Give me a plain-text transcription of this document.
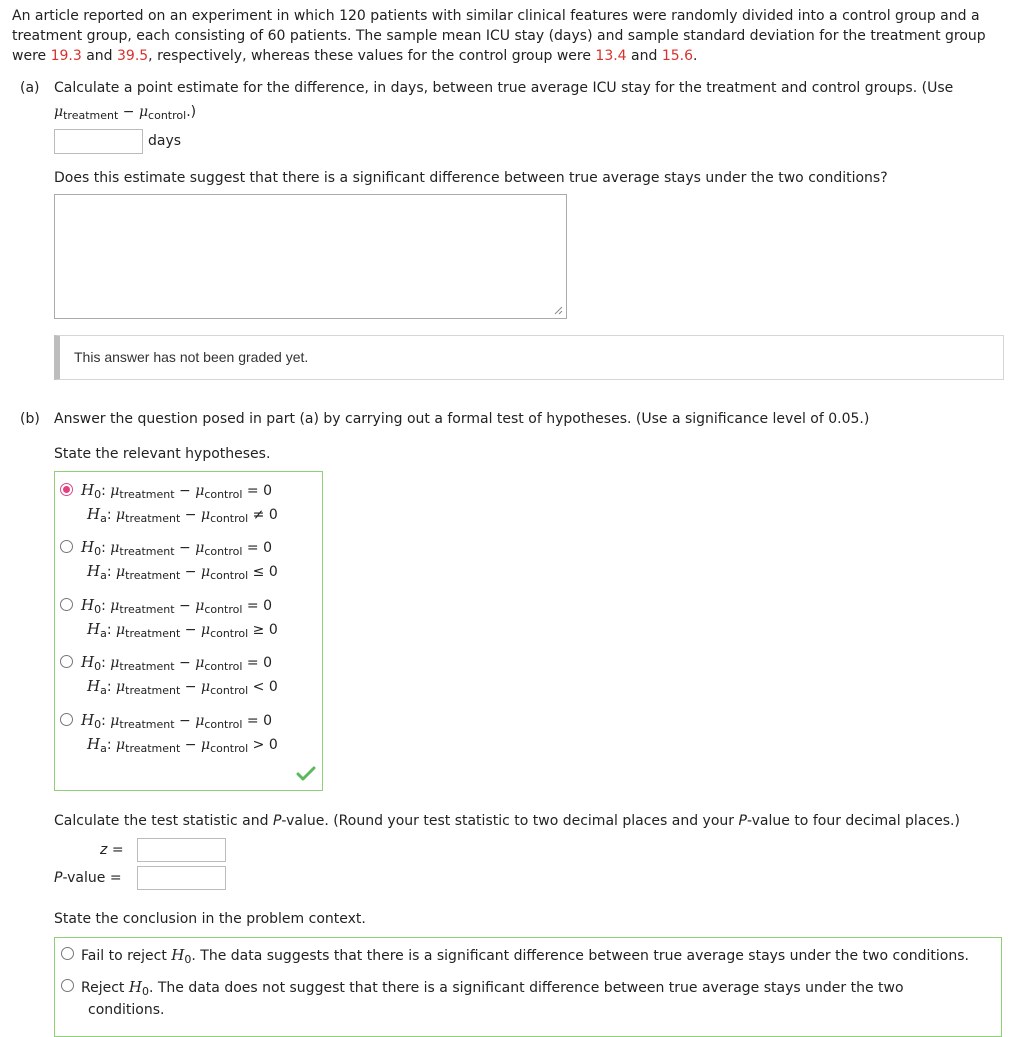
An article reported on an experiment in which 120 patients with similar clinical features were randomly divided into a control group and a treatment group, each consisting of 60 patients. The sample mean ICU stay (days) and sample standard deviation for the treatment group were 19.3 and 39.5, respectively, whereas these values for the control group were 13.4 and 15.6.
(a) Calculate a point estimate for the difference, in days, between true average ICU stay for the treatment and control groups. (Use
$\mu_{treatment} - \mu_{control}$.)
days
Does this estimate suggest that there is a significant difference between true average stays under the two conditions?
This answer has not been graded yet.
(b) Answer the question posed in part (a) by carrying out a formal test of hypotheses. (Use a significance level of 0.05.)
State the relevant hypotheses.
$H_0$: $\mu_{treatment} - \mu_{control} = 0$
$H_a$: $\mu_{treatment} - \mu_{control} \ne 0$
$H_0$: $\mu_{treatment} - \mu_{control} = 0$
$H_a$: $\mu_{treatment} - \mu_{control} \le 0$
$H_0$: $\mu_{treatment} - \mu_{control} = 0$
$H_a$: $\mu_{treatment} - \mu_{control} \ge 0$
$H_0$: $\mu_{treatment} - \mu_{control} = 0$
$H_a$: $\mu_{treatment} - \mu_{control} < 0$
$H_0$: $\mu_{treatment} - \mu_{control} = 0$
$H_a$: $\mu_{treatment} - \mu_{control} > 0$
Calculate the test statistic and P-value. (Round your test statistic to two decimal places and your P-value to four decimal places.)
z =
P-value =
State the conclusion in the problem context.
Fail to reject $H_0$. The data suggests that there is a significant difference between true average stays under the two conditions.
Reject $H_0$. The data does not suggest that there is a significant difference between true average stays under the two
conditions.
